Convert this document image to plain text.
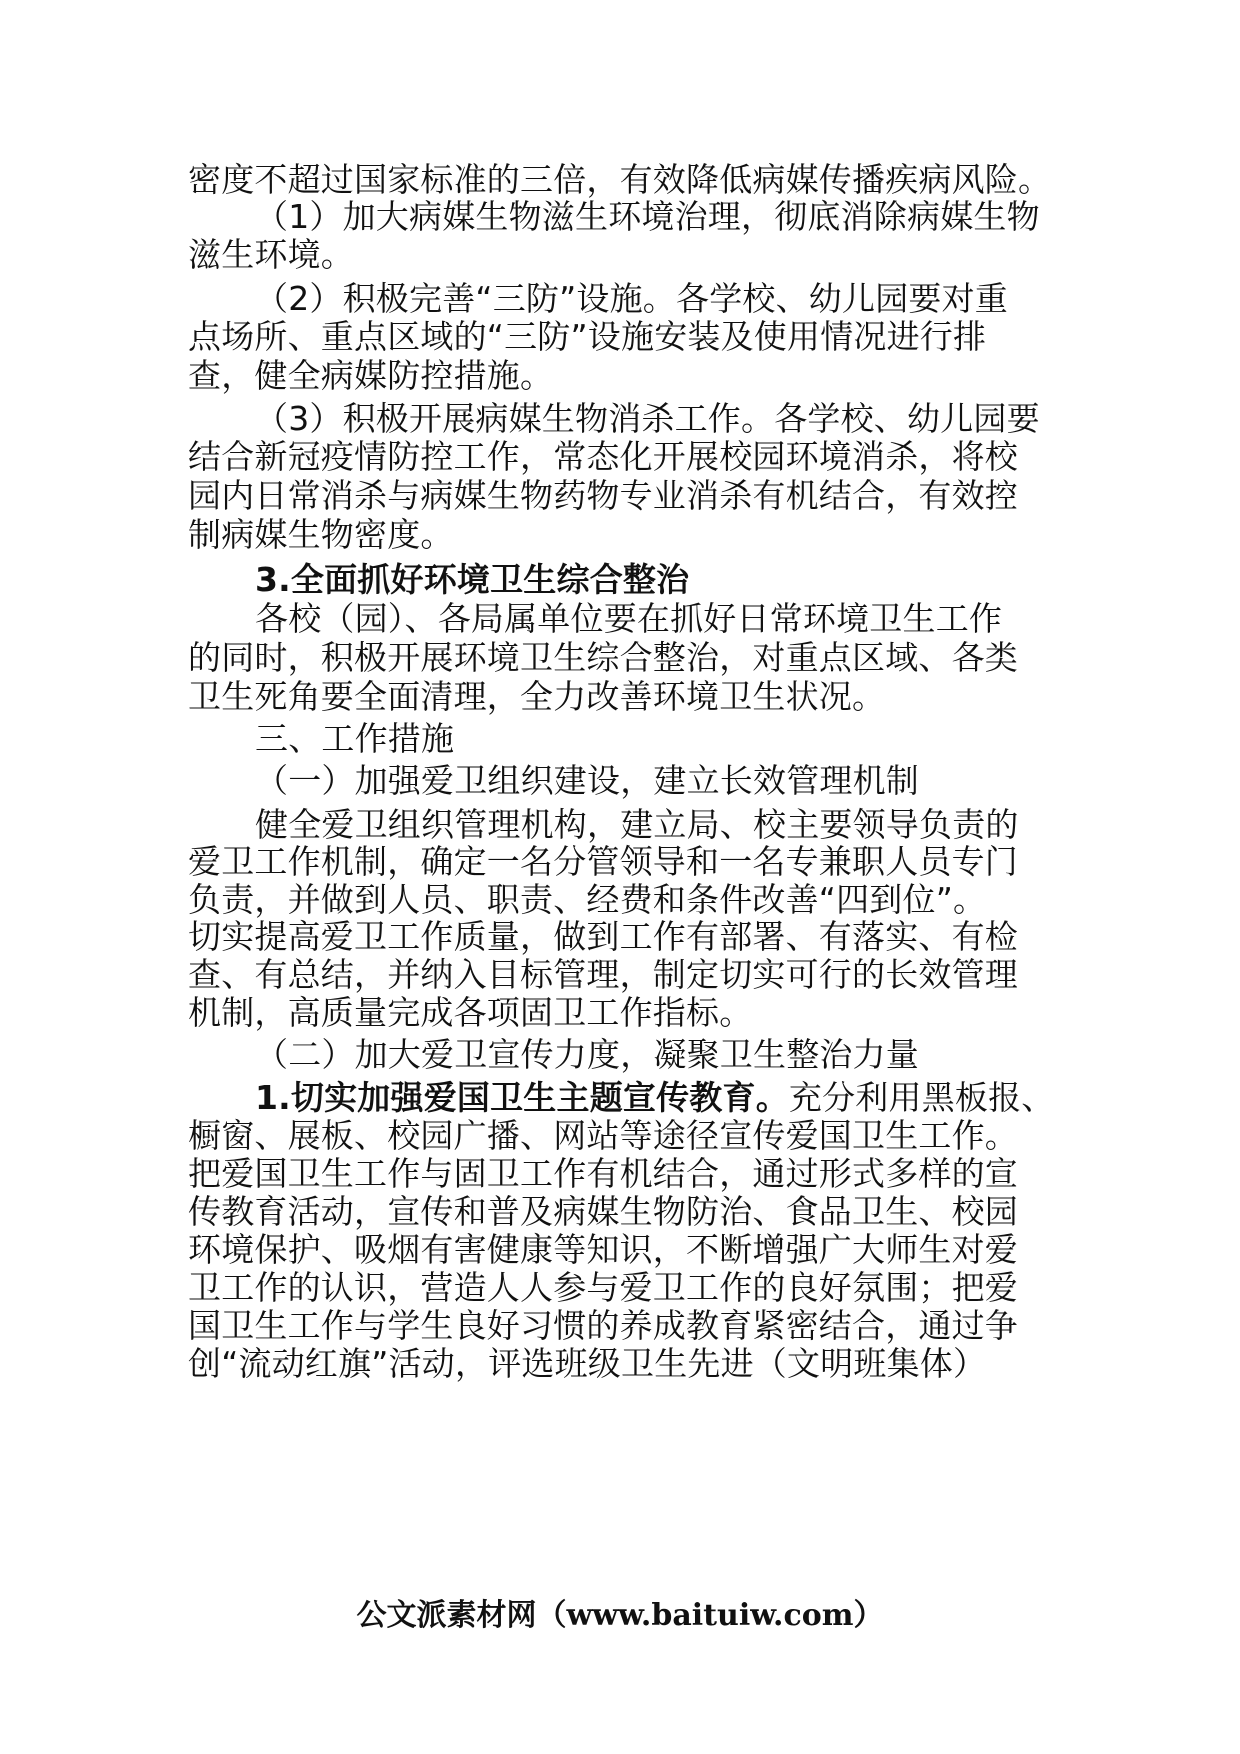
密度不超过国家标准的三倍，有效降低病媒传播疾病风险。
（1）加大病媒生物滋生环境治理，彻底消除病媒生物
滋生环境。
（2）积极完善“三防”设施。各学校、幼儿园要对重
点场所、重点区域的“三防”设施安装及使用情况进行排
查，健全病媒防控措施。
（3）积极开展病媒生物消杀工作。各学校、幼儿园要
结合新冠疫情防控工作，常态化开展校园环境消杀，将校
园内日常消杀与病媒生物药物专业消杀有机结合，有效控
制病媒生物密度。
3.全面抓好环境卫生综合整治
各校（园）、各局属单位要在抓好日常环境卫生工作
的同时，积极开展环境卫生综合整治，对重点区域、各类
卫生死角要全面清理，全力改善环境卫生状况。
三、工作措施
（一）加强爱卫组织建设，建立长效管理机制
健全爱卫组织管理机构，建立局、校主要领导负责的
爱卫工作机制，确定一名分管领导和一名专兼职人员专门
负责，并做到人员、职责、经费和条件改善“四到位”。
切实提高爱卫工作质量，做到工作有部署、有落实、有检
查、有总结，并纳入目标管理，制定切实可行的长效管理
机制，高质量完成各项固卫工作指标。
（二）加大爱卫宣传力度，凝聚卫生整治力量
1.切实加强爱国卫生主题宣传教育。充分利用黑板报、
橱窗、展板、校园广播、网站等途径宣传爱国卫生工作。
把爱国卫生工作与固卫工作有机结合，通过形式多样的宣
传教育活动，宣传和普及病媒生物防治、食品卫生、校园
环境保护、吸烟有害健康等知识，不断增强广大师生对爱
卫工作的认识，营造人人参与爱卫工作的良好氛围；把爱
国卫生工作与学生良好习惯的养成教育紧密结合，通过争
创“流动红旗”活动，评选班级卫生先进（文明班集体）
公文派素材网（www.baituiw.com）
